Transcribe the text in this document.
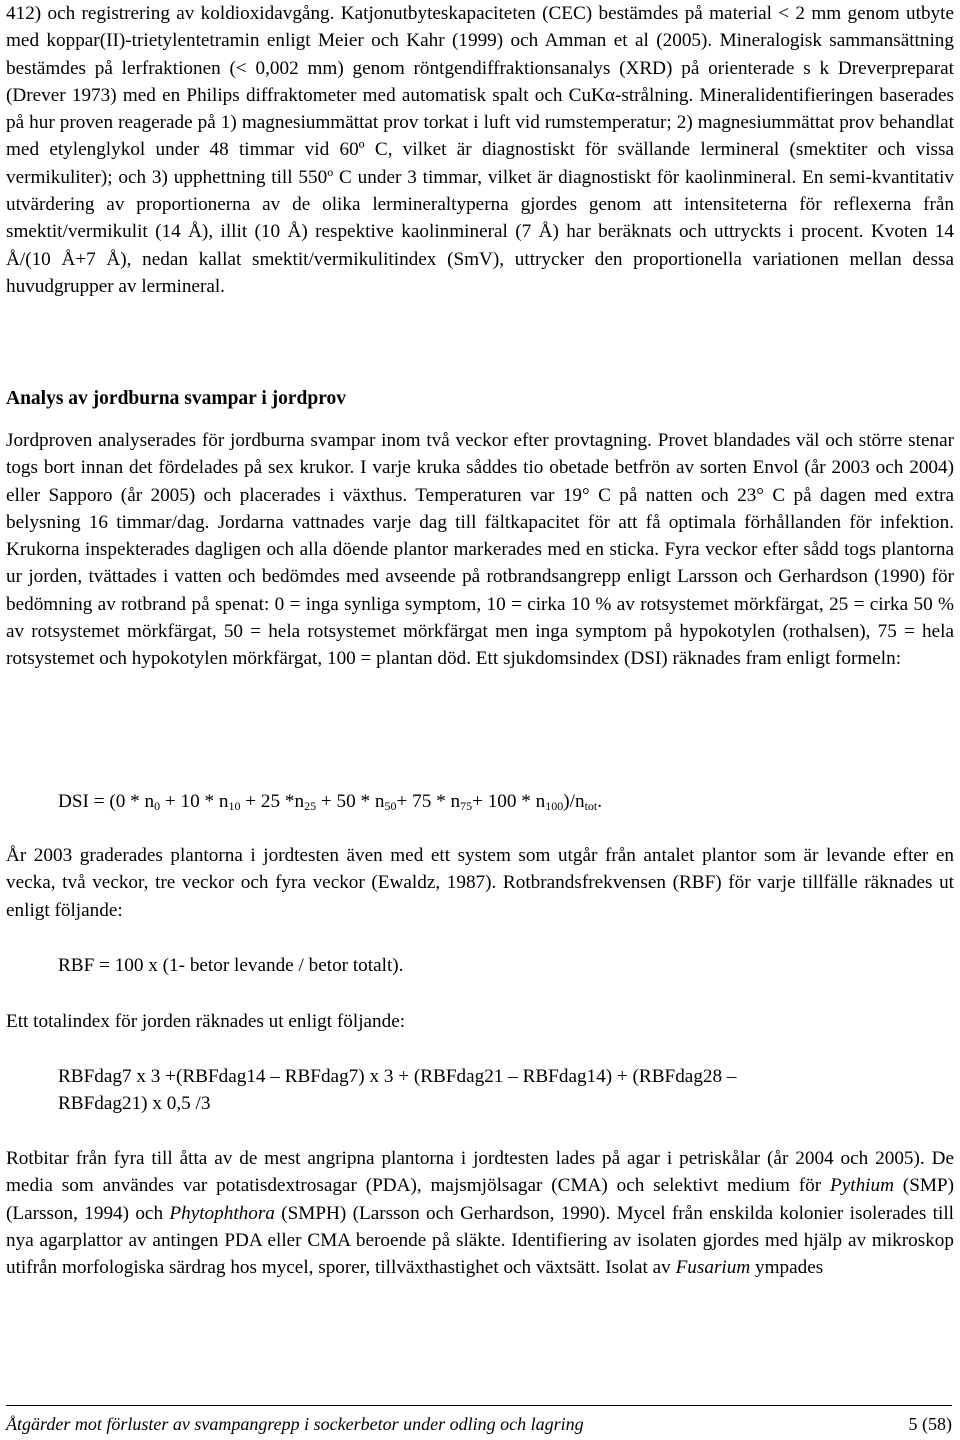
412) och registrering av koldioxidavgång. Katjonutbyteskapaciteten (CEC) bestämdes på material < 2 mm genom utbyte med koppar(II)-trietylentetramin enligt Meier och Kahr (1999) och Amman et al (2005). Mineralogisk sammansättning bestämdes på lerfraktionen (< 0,002 mm) genom röntgendiffraktionsanalys (XRD) på orienterade s k Dreverpreparat (Drever 1973) med en Philips diffraktometer med automatisk spalt och CuKα-strålning. Mineralidentifieringen baserades på hur proven reagerade på 1) magnesiummättat prov torkat i luft vid rumstemperatur; 2) magnesiummättat prov behandlat med etylenglykol under 48 timmar vid 60º C, vilket är diagnostiskt för svällande lermineral (smektiter och vissa vermikuliter); och 3) upphettning till 550$^o$ C under 3 timmar, vilket är diagnostiskt för kaolinmineral. En semi-kvantitativ utvärdering av proportionerna av de olika lermineraltyperna gjordes genom att intensiteterna för reflexerna från smektit/vermikulit (14 Å), illit (10 Å) respektive kaolinmineral (7 Å) har beräknats och uttryckts i procent. Kvoten 14 Å/(10 Å+7 Å), nedan kallat smektit/vermikulitindex (SmV), uttrycker den proportionella variationen mellan dessa huvudgrupper av lermineral.
Analys av jordburna svampar i jordprov
Jordproven analyserades för jordburna svampar inom två veckor efter provtagning. Provet blandades väl och större stenar togs bort innan det fördelades på sex krukor. I varje kruka såddes tio obetade betfrön av sorten Envol (år 2003 och 2004) eller Sapporo (år 2005) och placerades i växthus. Temperaturen var 19° C på natten och 23° C på dagen med extra belysning 16 timmar/dag. Jordarna vattnades varje dag till fältkapacitet för att få optimala förhållanden för infektion. Krukorna inspekterades dagligen och alla döende plantor markerades med en sticka. Fyra veckor efter sådd togs plantorna ur jorden, tvättades i vatten och bedömdes med avseende på rotbrandsangrepp enligt Larsson och Gerhardson (1990) för bedömning av rotbrand på spenat: 0 = inga synliga symptom, 10 = cirka 10 % av rotsystemet mörkfärgat, 25 = cirka 50 % av rotsystemet mörkfärgat, 50 = hela rotsystemet mörkfärgat men inga symptom på hypokotylen (rothalsen), 75 = hela rotsystemet och hypokotylen mörkfärgat, 100 = plantan död. Ett sjukdomsindex (DSI) räknades fram enligt formeln:
DSI = ($0 * n_0 + 10 * n_{10} + 25$ $*n_{25} + 50 * n_{50}+ 75 * n_{75}+ 100 * n_{100})/n_{tot}$.
År 2003 graderades plantorna i jordtesten även med ett system som utgår från antalet plantor som är levande efter en vecka, två veckor, tre veckor och fyra veckor (Ewaldz, 1987). Rotbrandsfrekvensen (RBF) för varje tillfälle räknades ut enligt följande:
RBF = 100 x (1- betor levande / betor totalt).
Ett totalindex för jorden räknades ut enligt följande:
RBFdag7 x 3 +(RBFdag14 – RBFdag7) x 3 + (RBFdag21 – RBFdag14) + (RBFdag28 –
RBFdag21) x 0,5 /3
Rotbitar från fyra till åtta av de mest angripna plantorna i jordtesten lades på agar i petriskålar (år 2004 och 2005). De media som användes var potatisdextrosagar (PDA), majsmjölsagar (CMA) och selektivt medium för Pythium (SMP) (Larsson, 1994) och Phytophthora (SMPH) (Larsson och Gerhardson, 1990). Mycel från enskilda kolonier isolerades till nya agarplattor av antingen PDA eller CMA beroende på släkte. Identifiering av isolaten gjordes med hjälp av mikroskop utifrån morfologiska särdrag hos mycel, sporer, tillväxthastighet och växtsätt. Isolat av Fusarium ympades
Åtgärder mot förluster av svampangrepp i sockerbetor under odling och lagring	5 (58)
